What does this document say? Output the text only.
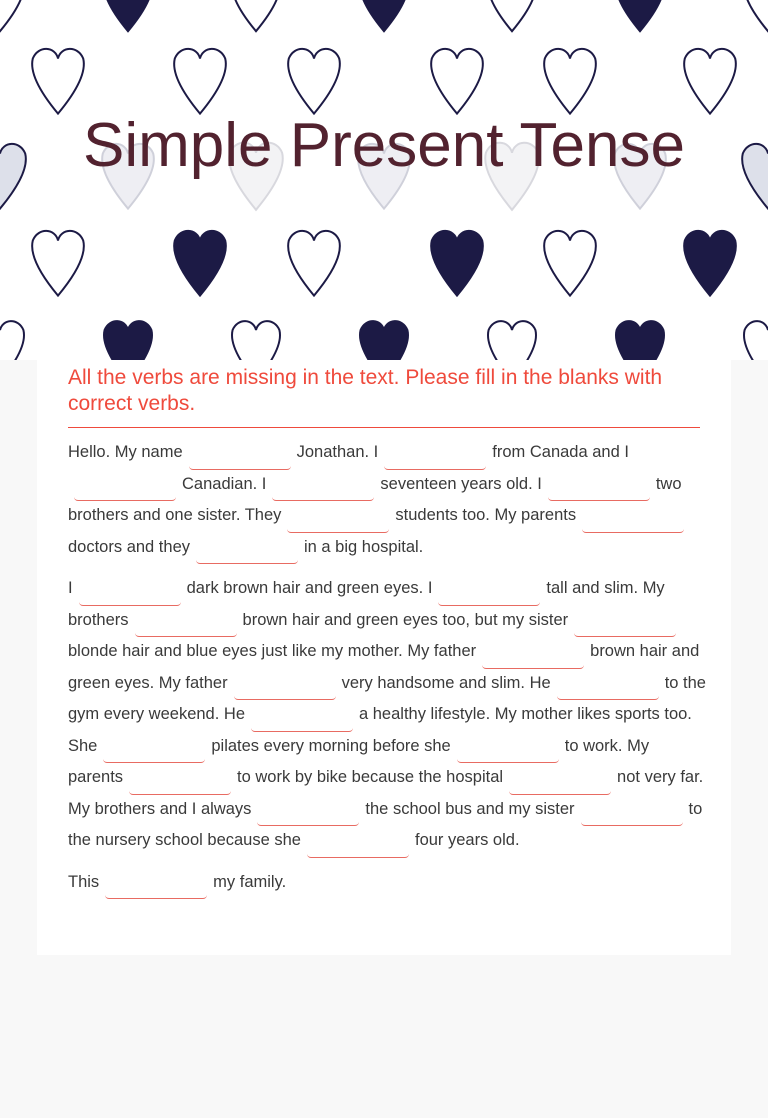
Simple Present Tense
All the verbs are missing in the text. Please fill in the blanks with correct verbs.

Hello. My name	Jonathan. I	from Canada and ICanadian. I	seventeen years old. I	two brothers and one sister. They	students too. My parentsdoctors and they	in a big hospital.

I	dark brown hair and green eyes. I	tall and slim. My brothers	brown hair and green eyes too, but my sisterblonde hair and blue eyes just like my mother. My father	brown hair and green eyes. My father	very handsome and slim. He	to the gym every weekend. He	a healthy lifestyle. My mother likes sports too. She	pilates every morning before she	to work. My parents	to work by bike because the hospital	not very far. My brothers and I always	the school bus and my sister	to the nursery school because she	four years old.

This	my family.
